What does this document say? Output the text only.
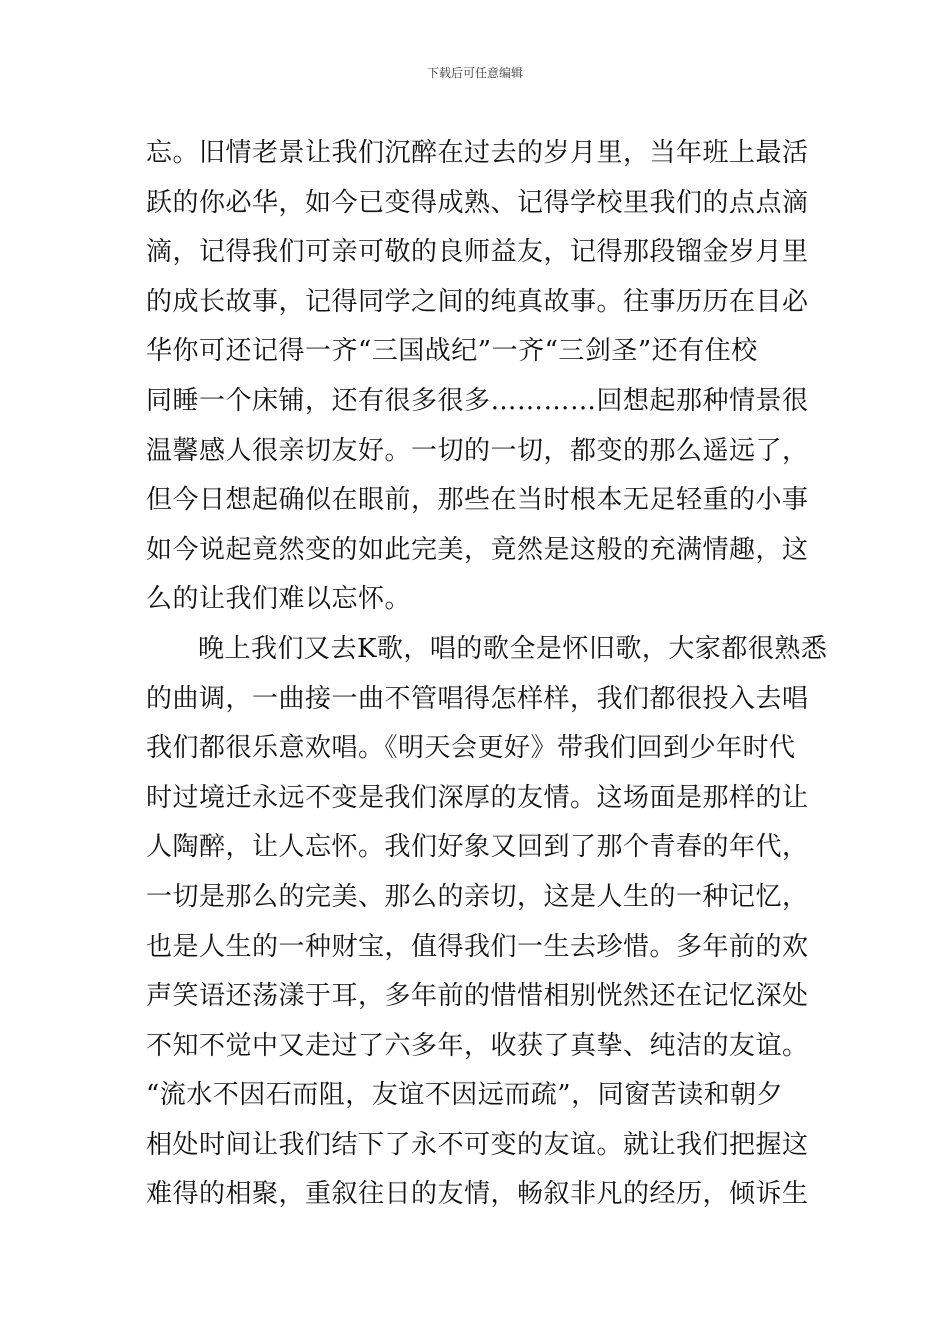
下载后可任意编辑
忘。旧情老景让我们沉醉在过去的岁月里，当年班上最活
跃的你必华，如今已变得成熟、记得学校里我们的点点滴
滴，记得我们可亲可敬的良师益友，记得那段镏金岁月里
的成长故事，记得同学之间的纯真故事。往事历历在目必
华你可还记得一齐“三国战纪”一齐“三剑圣”还有住校
同睡一个床铺，还有很多很多…………回想起那种情景很
温馨感人很亲切友好。一切的一切，都变的那么遥远了，
但今日想起确似在眼前，那些在当时根本无足轻重的小事
如今说起竟然变的如此完美，竟然是这般的充满情趣，这
么的让我们难以忘怀。
晚上我们又去K歌，唱的歌全是怀旧歌，大家都很熟悉
的曲调，一曲接一曲不管唱得怎样样，我们都很投入去唱
我们都很乐意欢唱。《明天会更好》带我们回到少年时代
时过境迁永远不变是我们深厚的友情。这场面是那样的让
人陶醉，让人忘怀。我们好象又回到了那个青春的年代，
一切是那么的完美、那么的亲切，这是人生的一种记忆，
也是人生的一种财宝，值得我们一生去珍惜。多年前的欢
声笑语还荡漾于耳，多年前的惜惜相别恍然还在记忆深处
不知不觉中又走过了六多年，收获了真挚、纯洁的友谊。
“流水不因石而阻，友谊不因远而疏”，同窗苦读和朝夕
相处时间让我们结下了永不可变的友谊。就让我们把握这
难得的相聚，重叙往日的友情，畅叙非凡的经历，倾诉生
